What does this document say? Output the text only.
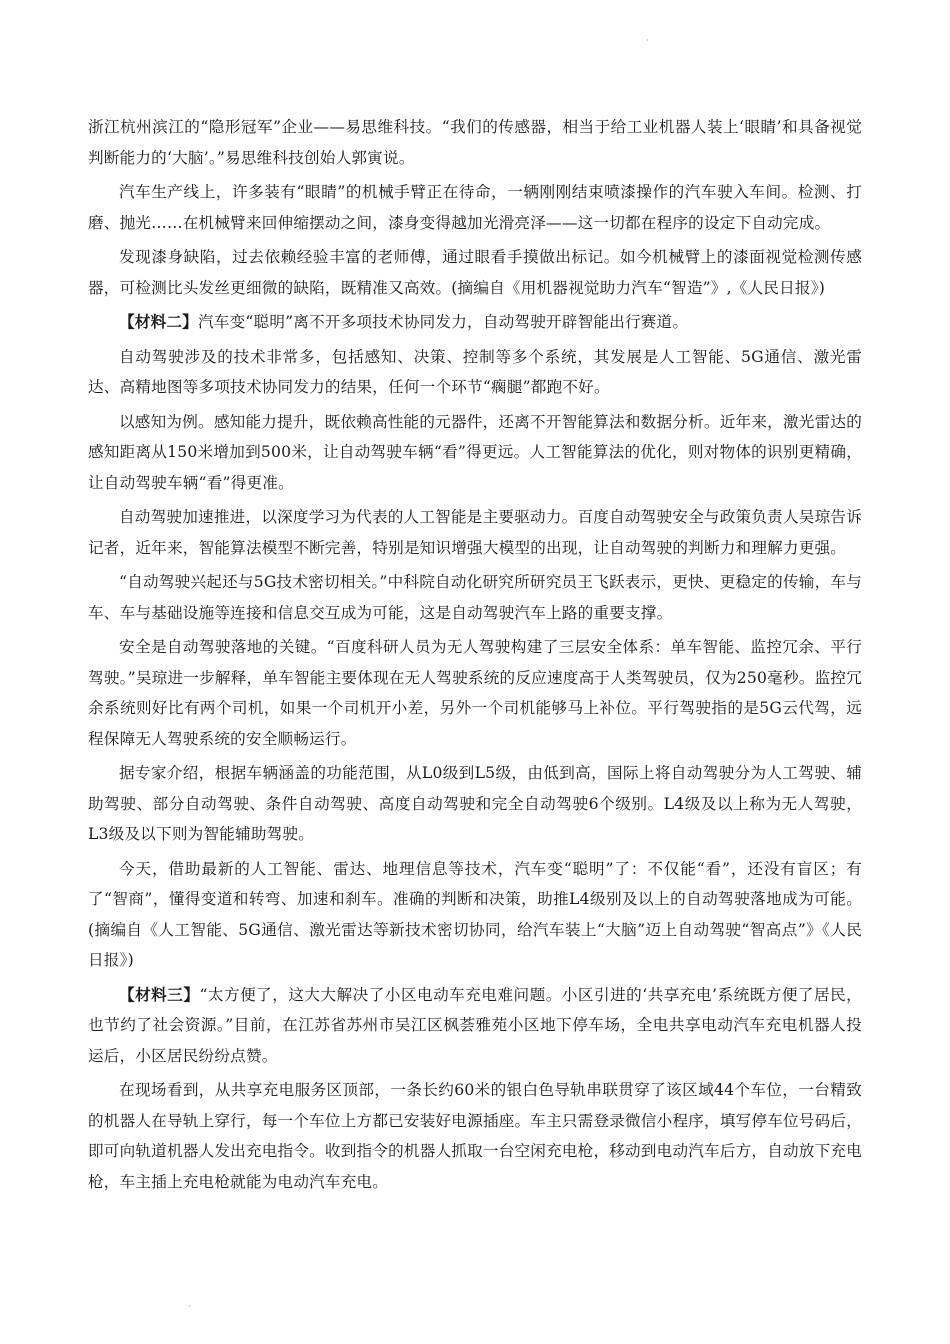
·

浙江杭州滨江的“隐形冠军”企业——易思维科技。“我们的传感器，相当于给工业机器人装上‘眼睛’和具备视觉判断能力的‘大脑’。”易思维科技创始人郭寅说。

汽车生产线上，许多装有“眼睛”的机械手臂正在待命，一辆刚刚结束喷漆操作的汽车驶入车间。检测、打磨、抛光……在机械臂来回伸缩摆动之间，漆身变得越加光滑亮泽——这一切都在程序的设定下自动完成。

发现漆身缺陷，过去依赖经验丰富的老师傅，通过眼看手摸做出标记。如今机械臂上的漆面视觉检测传感器，可检测比头发丝更细微的缺陷，既精准又高效。(摘编自《用机器视觉助力汽车“智造”》,《人民日报》)

【材料二】汽车变“聪明”离不开多项技术协同发力，自动驾驶开辟智能出行赛道。

自动驾驶涉及的技术非常多，包括感知、决策、控制等多个系统，其发展是人工智能、5G通信、激光雷达、高精地图等多项技术协同发力的结果，任何一个环节“瘸腿”都跑不好。

以感知为例。感知能力提升，既依赖高性能的元器件，还离不开智能算法和数据分析。近年来，激光雷达的感知距离从150米增加到500米，让自动驾驶车辆“看”得更远。人工智能算法的优化，则对物体的识别更精确，让自动驾驶车辆“看”得更准。

自动驾驶加速推进，以深度学习为代表的人工智能是主要驱动力。百度自动驾驶安全与政策负责人吴琼告诉记者，近年来，智能算法模型不断完善，特别是知识增强大模型的出现，让自动驾驶的判断力和理解力更强。

“自动驾驶兴起还与5G技术密切相关。”中科院自动化研究所研究员王飞跃表示，更快、更稳定的传输，车与车、车与基础设施等连接和信息交互成为可能，这是自动驾驶汽车上路的重要支撑。

安全是自动驾驶落地的关键。“百度科研人员为无人驾驶构建了三层安全体系：单车智能、监控冗余、平行驾驶。”吴琼进一步解释，单车智能主要体现在无人驾驶系统的反应速度高于人类驾驶员，仅为250毫秒。监控冗余系统则好比有两个司机，如果一个司机开小差，另外一个司机能够马上补位。平行驾驶指的是5G云代驾，远程保障无人驾驶系统的安全顺畅运行。

据专家介绍，根据车辆涵盖的功能范围，从L0级到L5级，由低到高，国际上将自动驾驶分为人工驾驶、辅助驾驶、部分自动驾驶、条件自动驾驶、高度自动驾驶和完全自动驾驶6个级别。L4级及以上称为无人驾驶，L3级及以下则为智能辅助驾驶。

今天，借助最新的人工智能、雷达、地理信息等技术，汽车变“聪明”了：不仅能“看”，还没有盲区；有了“智商”，懂得变道和转弯、加速和刹车。准确的判断和决策，助推L4级别及以上的自动驾驶落地成为可能。(摘编自《人工智能、5G通信、激光雷达等新技术密切协同，给汽车装上“大脑”迈上自动驾驶“智高点”》《人民日报》)

【材料三】“太方便了，这大大解决了小区电动车充电难问题。小区引进的‘共享充电’系统既方便了居民，也节约了社会资源。”目前，在江苏省苏州市吴江区枫荟雅苑小区地下停车场，全电共享电动汽车充电机器人投运后，小区居民纷纷点赞。

在现场看到，从共享充电服务区顶部，一条长约60米的银白色导轨串联贯穿了该区域44个车位，一台精致的机器人在导轨上穿行，每一个车位上方都已安装好电源插座。车主只需登录微信小程序，填写停车位号码后，即可向轨道机器人发出充电指令。收到指令的机器人抓取一台空闲充电枪，移动到电动汽车后方，自动放下充电枪，车主插上充电枪就能为电动汽车充电。

·
